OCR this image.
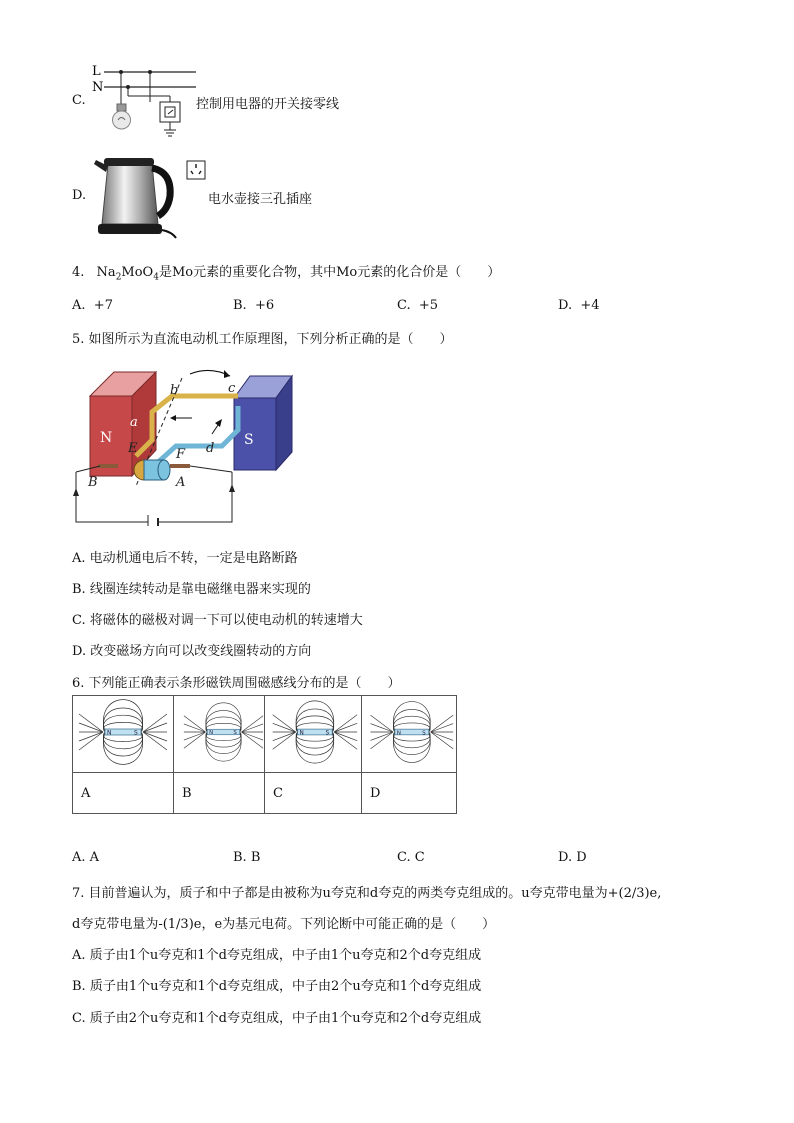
C.
L
N
控制用电器的开关接零线
D.	电水壶接三孔插座
4. $Na_2MoO_4$是Mo元素的重要化合物，其中Mo元素的化合价是（　　）
A. +7	B. +6	C. +5	D. +4
5. 如图所示为直流电动机工作原理图，下列分析正确的是（　　）
N	S
a
b	c
d
E	F
A
B
A. 电动机通电后不转，一定是电路断路
B. 线圈连续转动是靠电磁继电器来实现的
C. 将磁体的磁极对调一下可以使电动机的转速增大
D. 改变磁场方向可以改变线圈转动的方向
6. 下列能正确表示条形磁铁周围磁感线分布的是（　　）
N S	N S	N S	N S

A	B	C	D
A. A	B. B	C. C	D. D
7. 目前普遍认为，质子和中子都是由被称为u夸克和d夸克的两类夸克组成的。u夸克带电量为+(2/3)e,
d夸克带电量为-(1/3)e，e为基元电荷。下列论断中可能正确的是（　　）
A. 质子由1个u夸克和1个d夸克组成，中子由1个u夸克和2个d夸克组成
B. 质子由1个u夸克和1个d夸克组成，中子由2个u夸克和1个d夸克组成
C. 质子由2个u夸克和1个d夸克组成，中子由1个u夸克和2个d夸克组成
